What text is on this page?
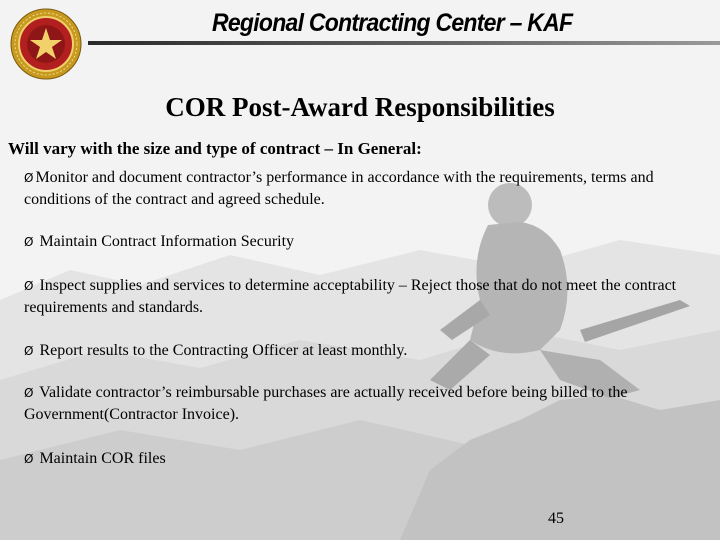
Regional Contracting Center – KAF
COR Post-Award Responsibilities
Will vary with the size and type of contract – In General:
Ø Monitor and document contractor’s performance in accordance with the requirements, terms and conditions of the contract and agreed schedule.
Ø Maintain Contract Information Security
Ø Inspect supplies and services to determine acceptability – Reject those that do not meet the contract requirements and standards.
Ø Report results to the Contracting Officer at least monthly.
Ø Validate contractor’s reimbursable purchases are actually received before being billed to the Government(Contractor Invoice).
Ø Maintain COR files
45
